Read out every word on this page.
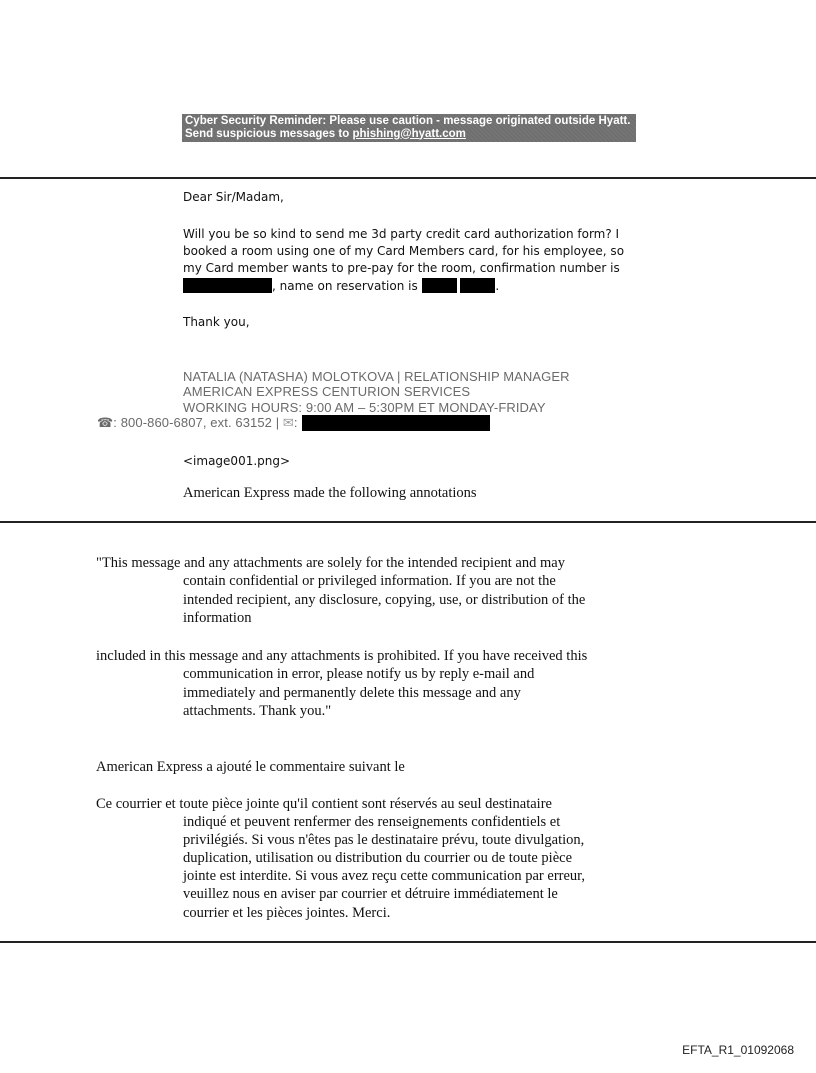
Cyber Security Reminder: Please use caution - message originated outside Hyatt. Send suspicious messages to phishing@hyatt.com
Dear Sir/Madam,
Will you be so kind to send me 3d party credit card authorization form? I
booked a room using one of my Card Members card, for his employee, so
my Card member wants to pre-pay for the room, confirmation number is
, name on reservation is	.
Thank you,
NATALIA (NATASHA) MOLOTKOVA | RELATIONSHIP MANAGER
AMERICAN EXPRESS CENTURION SERVICES
WORKING HOURS: 9:00 AM – 5:30PM ET MONDAY-FRIDAY
☎: 800-860-6807, ext. 63152 | ✉:
<image001.png>
American Express made the following annotations
"This message and any attachments are solely for the intended recipient and may
contain confidential or privileged information. If you are not the
intended recipient, any disclosure, copying, use, or distribution of the
information
included in this message and any attachments is prohibited. If you have received this
communication in error, please notify us by reply e-mail and
immediately and permanently delete this message and any
attachments. Thank you."
American Express a ajouté le commentaire suivant le
Ce courrier et toute pièce jointe qu'il contient sont réservés au seul destinataire
indiqué et peuvent renfermer des renseignements confidentiels et
privilégiés. Si vous n'êtes pas le destinataire prévu, toute divulgation,
duplication, utilisation ou distribution du courrier ou de toute pièce
jointe est interdite. Si vous avez reçu cette communication par erreur,
veuillez nous en aviser par courrier et détruire immédiatement le
courrier et les pièces jointes. Merci.
EFTA_R1_01092068
